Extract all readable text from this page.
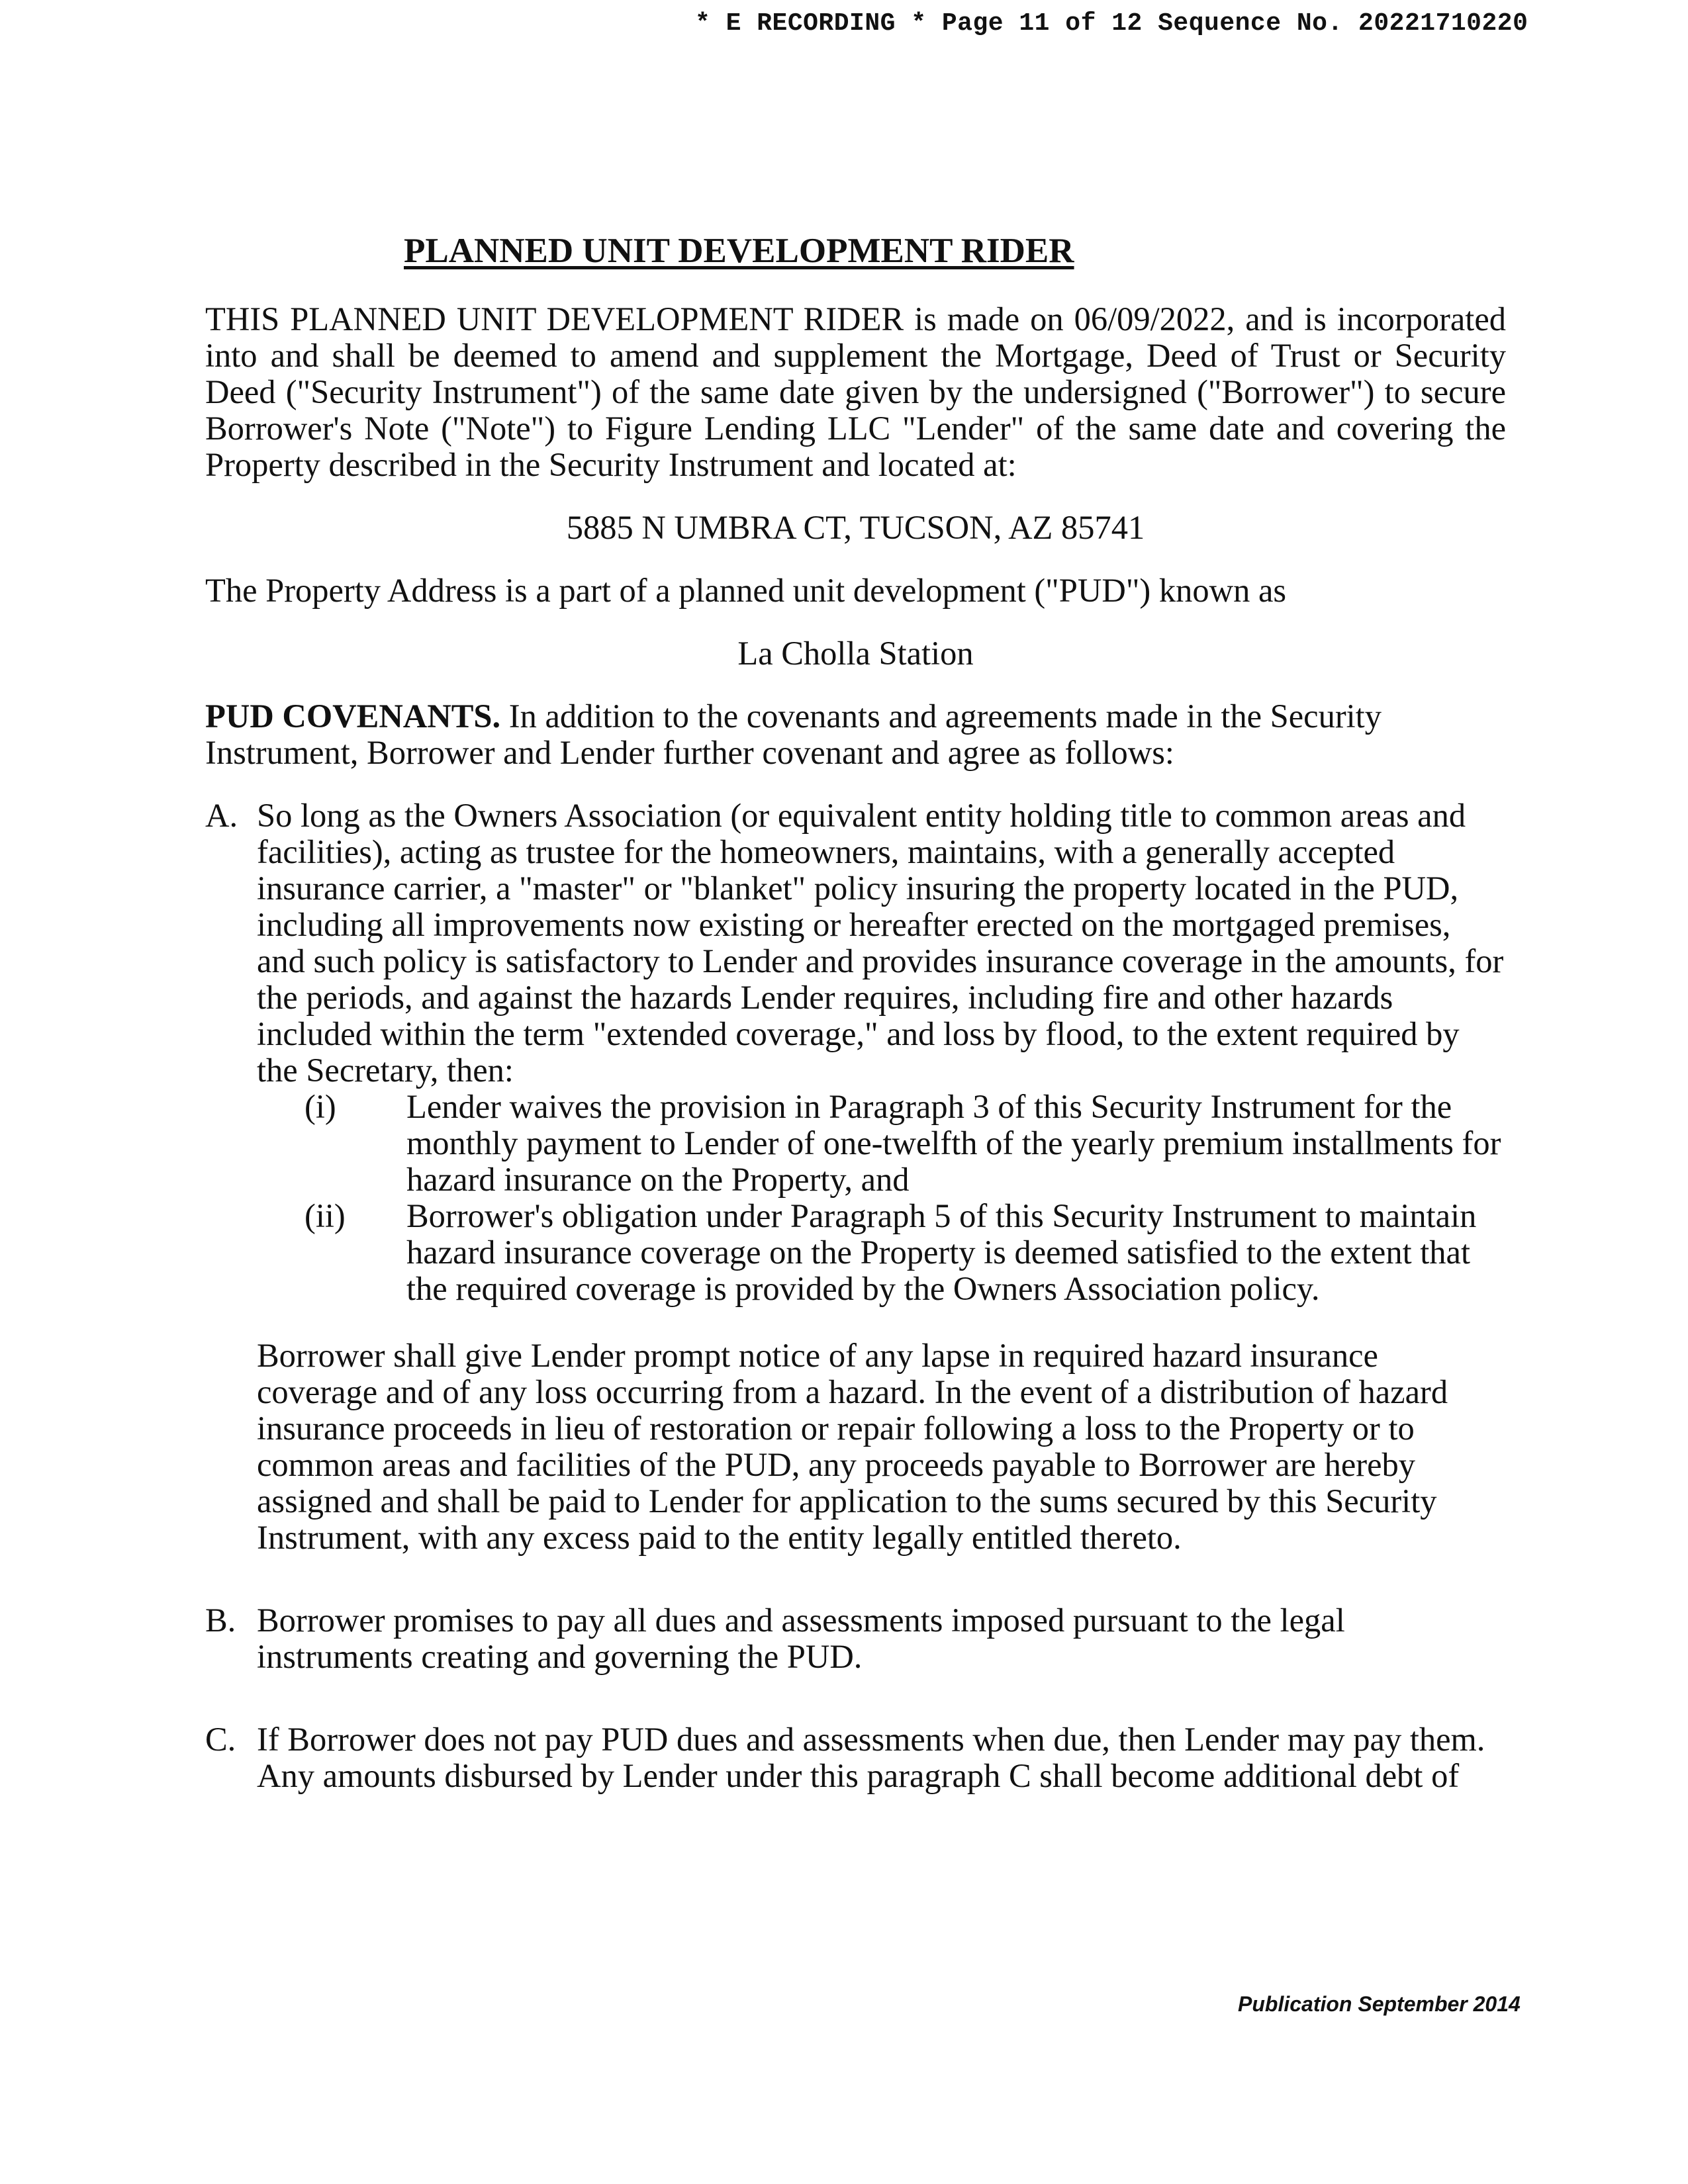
* E RECORDING * Page 11 of 12 Sequence No. 20221710220
PLANNED UNIT DEVELOPMENT RIDER

THIS PLANNED UNIT DEVELOPMENT RIDER is made on 06/09/2022, and is incorporated into and shall be deemed to amend and supplement the Mortgage, Deed of Trust or Security Deed ("Security Instrument") of the same date given by the undersigned ("Borrower") to secure Borrower's Note ("Note") to Figure Lending LLC "Lender" of the same date and covering the Property described in the Security Instrument and located at:

5885 N UMBRA CT, TUCSON, AZ 85741

The Property Address is a part of a planned unit development ("PUD") known as

La Cholla Station

PUD COVENANTS. In addition to the covenants and agreements made in the Security Instrument, Borrower and Lender further covenant and agree as follows:

A. So long as the Owners Association (or equivalent entity holding title to common areas and facilities), acting as trustee for the homeowners, maintains, with a generally accepted insurance carrier, a "master" or "blanket" policy insuring the property located in the PUD, including all improvements now existing or hereafter erected on the mortgaged premises, and such policy is satisfactory to Lender and provides insurance coverage in the amounts, for the periods, and against the hazards Lender requires, including fire and other hazards included within the term "extended coverage," and loss by flood, to the extent required by the Secretary, then:
(i)	Lender waives the provision in Paragraph 3 of this Security Instrument for the monthly payment to Lender of one-twelfth of the yearly premium installments for hazard insurance on the Property, and
(ii)	Borrower's obligation under Paragraph 5 of this Security Instrument to maintain hazard insurance coverage on the Property is deemed satisfied to the extent that the required coverage is provided by the Owners Association policy.
Borrower shall give Lender prompt notice of any lapse in required hazard insurance coverage and of any loss occurring from a hazard. In the event of a distribution of hazard insurance proceeds in lieu of restoration or repair following a loss to the Property or to common areas and facilities of the PUD, any proceeds payable to Borrower are hereby assigned and shall be paid to Lender for application to the sums secured by this Security Instrument, with any excess paid to the entity legally entitled thereto.
B. Borrower promises to pay all dues and assessments imposed pursuant to the legal instruments creating and governing the PUD.
C. If Borrower does not pay PUD dues and assessments when due, then Lender may pay them. Any amounts disbursed by Lender under this paragraph C shall become additional debt of
Publication September 2014
